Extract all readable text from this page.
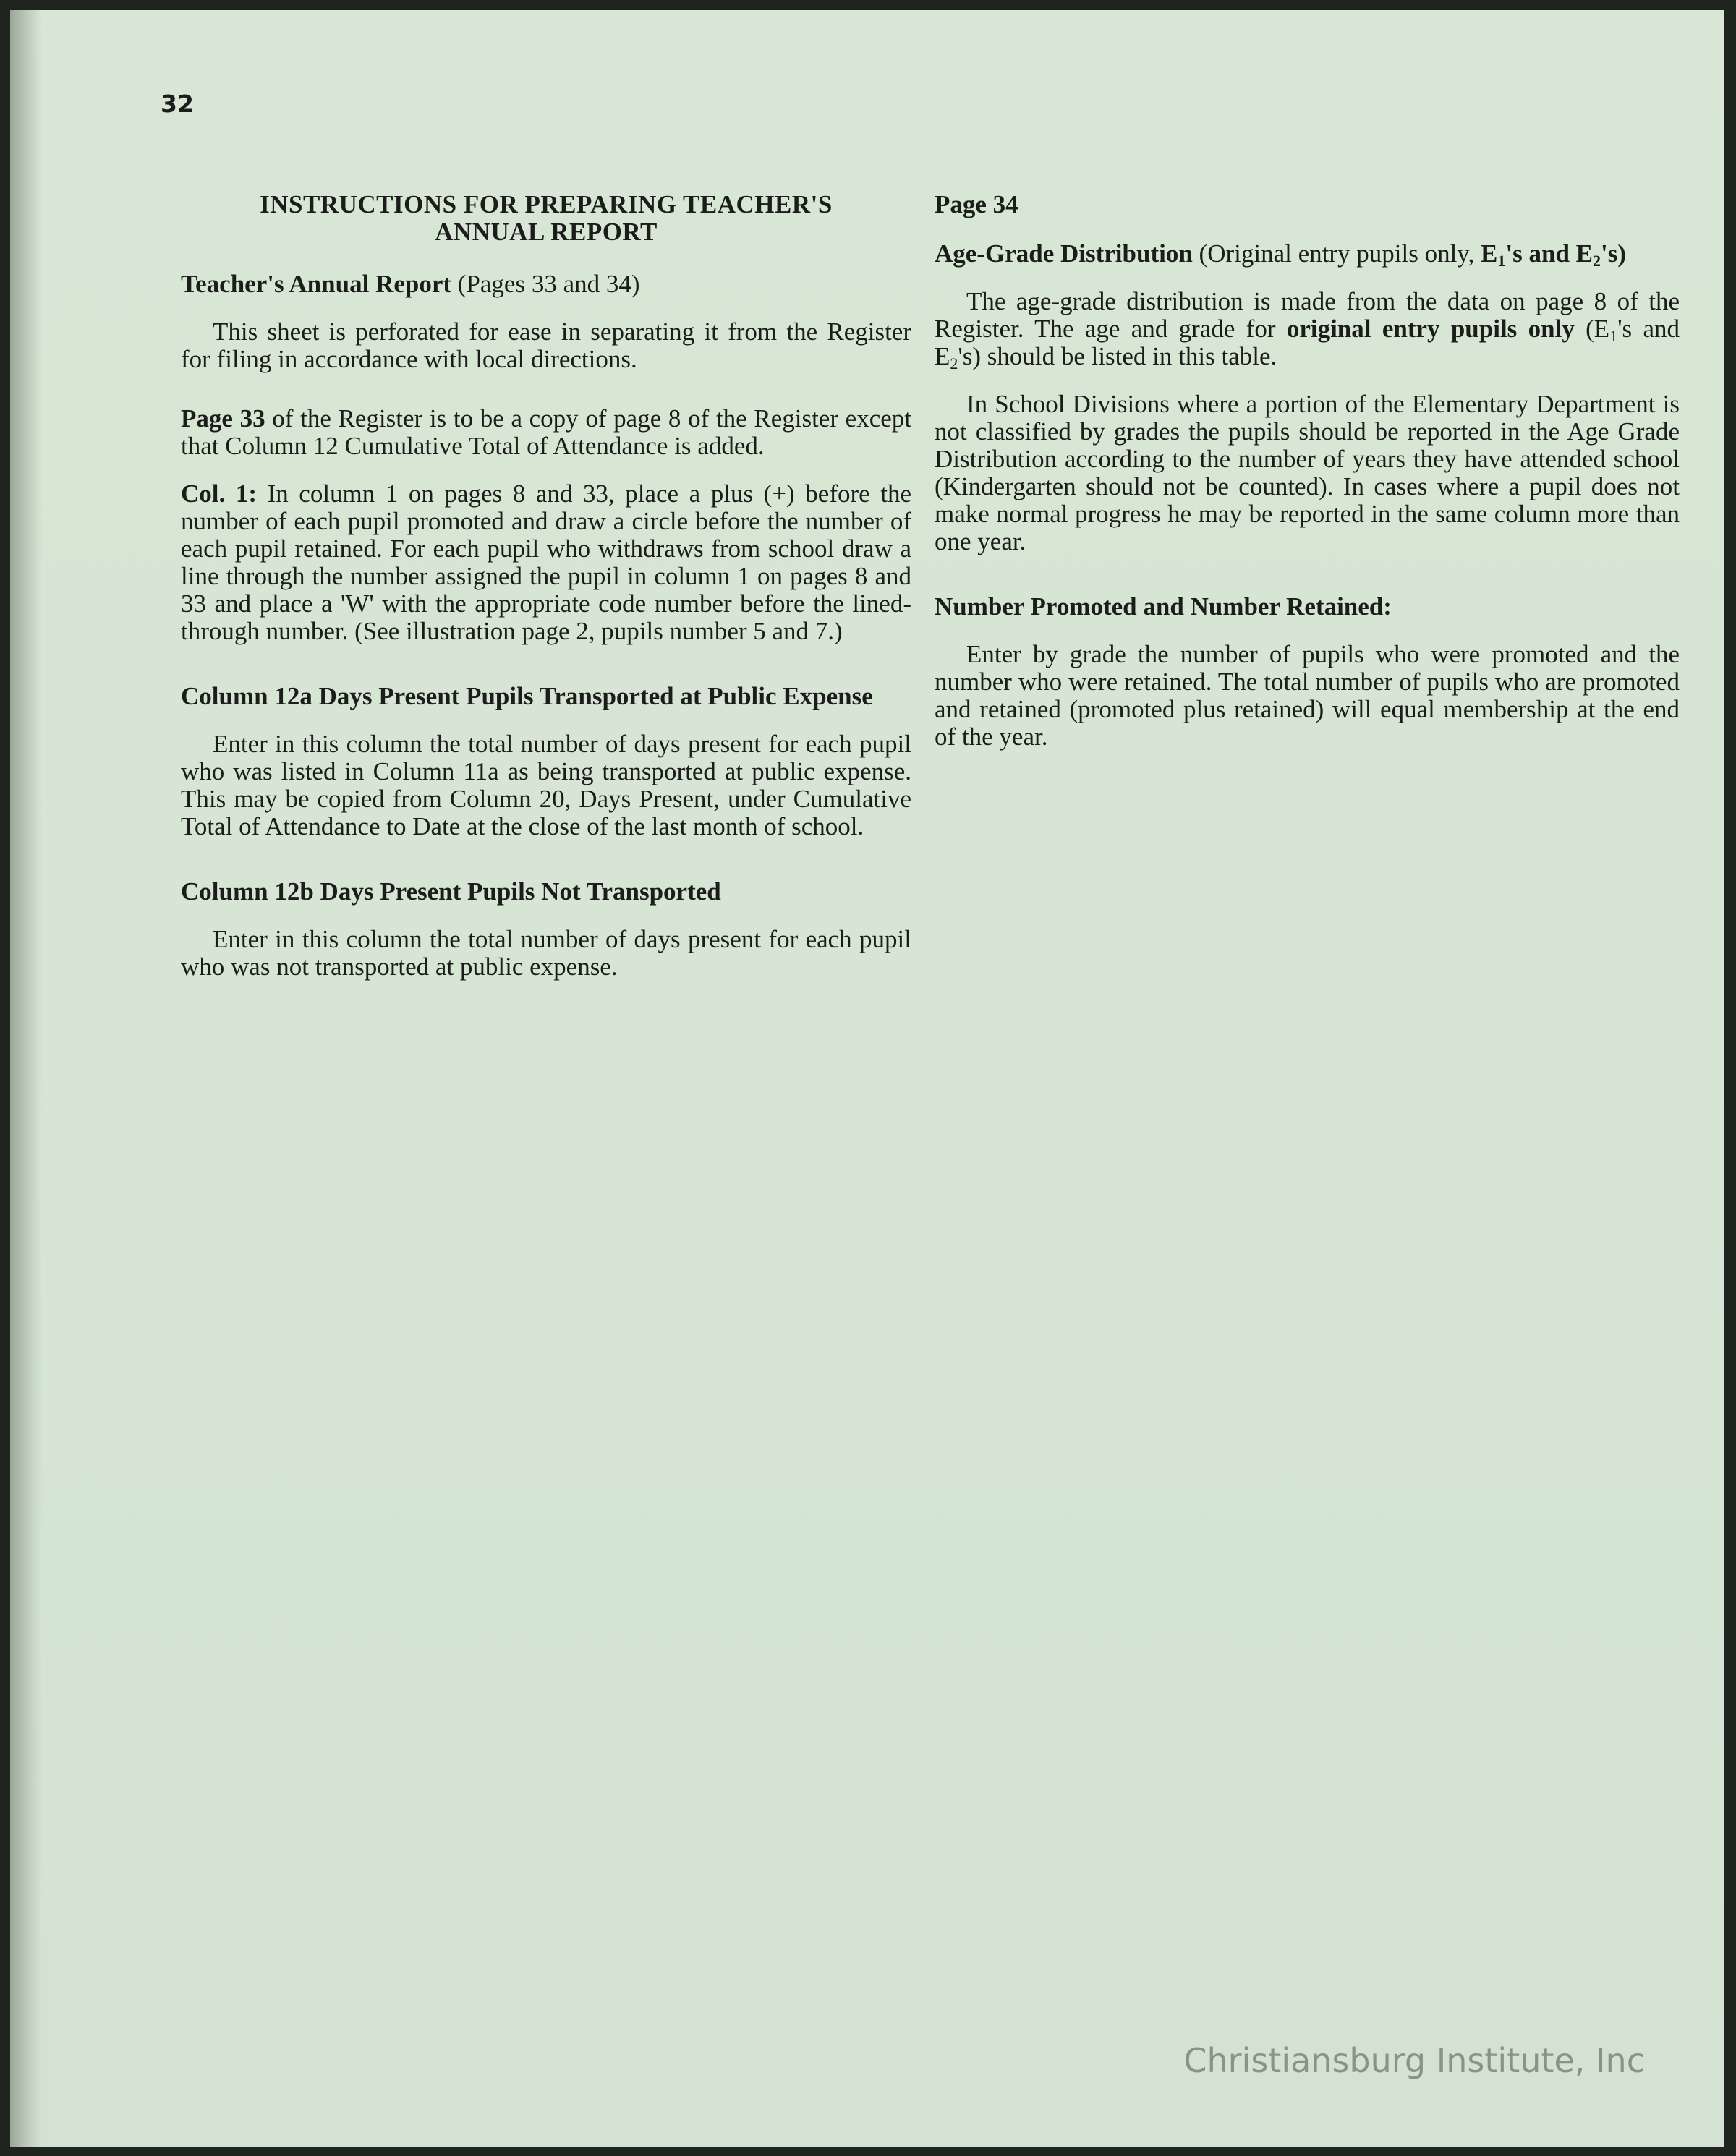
32
INSTRUCTIONS FOR PREPARING TEACHER'S
ANNUAL REPORT

Teacher's Annual Report (Pages 33 and 34)

This sheet is perforated for ease in separating it from the Register for filing in accordance with local directions.

Page 33 of the Register is to be a copy of page 8 of the Register except that Column 12 Cumulative Total of Attendance is added.

Col. 1: In column 1 on pages 8 and 33, place a plus (+) before the number of each pupil promoted and draw a circle before the number of each pupil retained. For each pupil who withdraws from school draw a line through the number assigned the pupil in column 1 on pages 8 and 33 and place a 'W' with the appropriate code number before the lined-through number. (See illustration page 2, pupils number 5 and 7.)

Column 12a Days Present Pupils Transported at Public Expense

Enter in this column the total number of days present for each pupil who was listed in Column 11a as being transported at public expense. This may be copied from Column 20, Days Present, under Cumulative Total of Attendance to Date at the close of the last month of school.

Column 12b Days Present Pupils Not Transported

Enter in this column the total number of days present for each pupil who was not transported at public expense.

Page 34

Age-Grade Distribution (Original entry pupils only, $E_1's$ and $E_2's$)

The age-grade distribution is made from the data on page 8 of the Register. The age and grade for original entry pupils only ($E_1's$ and $E_2's$) should be listed in this table.

In School Divisions where a portion of the Elementary Department is not classified by grades the pupils should be reported in the Age Grade Distribution according to the number of years they have attended school (Kindergarten should not be counted). In cases where a pupil does not make normal progress he may be reported in the same column more than one year.

Number Promoted and Number Retained:

Enter by grade the number of pupils who were promoted and the number who were retained. The total number of pupils who are promoted and retained (promoted plus retained) will equal membership at the end of the year.

Christiansburg Institute, Inc
